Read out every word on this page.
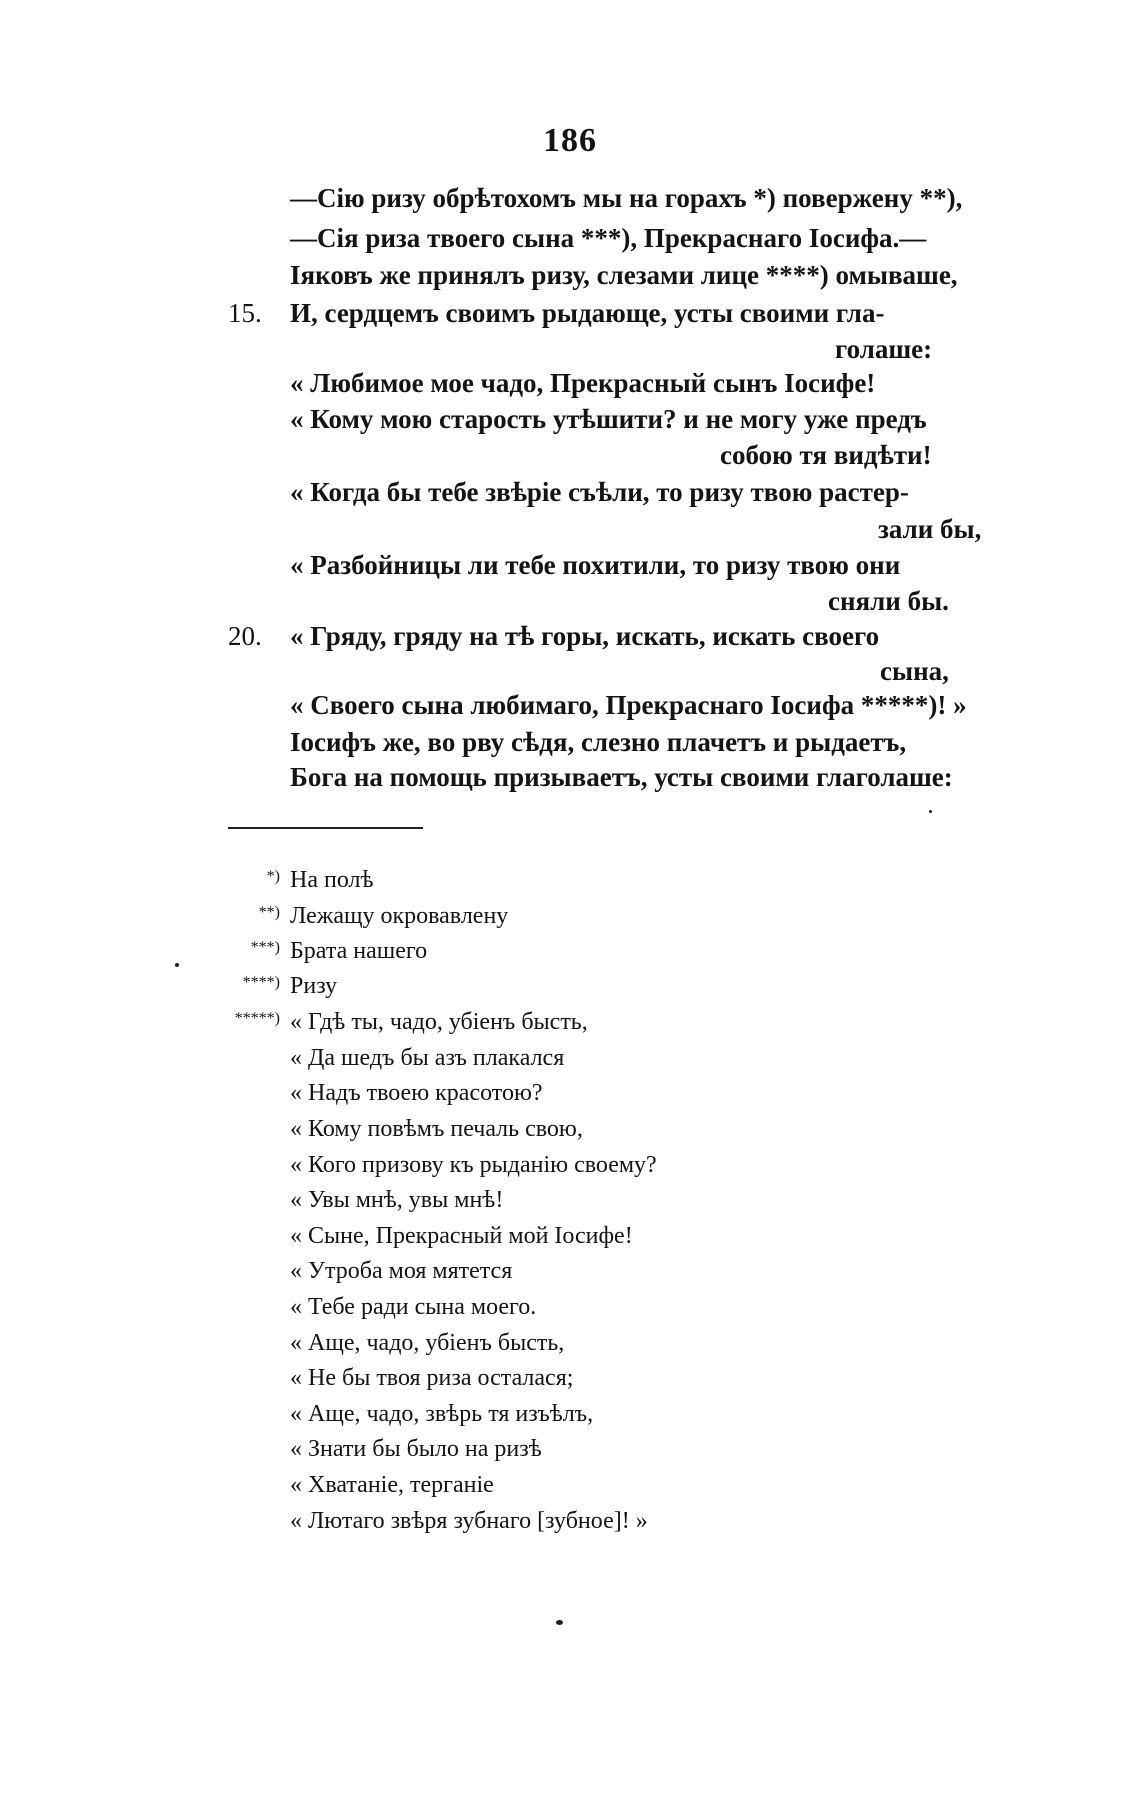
186
—Сію ризу обрѣтохомъ мы на горахъ *) повержену **),
—Сія риза твоего сына ***), Прекраснаго Іосифа.—
Іяковъ же принялъ ризу, слезами лице ****) омываше,
15. И, сердцемъ своимъ рыдающе, усты своими гла-
голаше:
« Любимое мое чадо, Прекрасный сынъ Іосифе!
« Кому мою старость утѣшити? и не могу уже предъ
собою тя видѣти!
« Когда бы тебе звѣріе съѣли, то ризу твою растер-
зали бы,
« Разбойницы ли тебе похитили, то ризу твою они
сняли бы.
20. « Гряду, гряду на тѣ горы, искать, искать своего
сына,
« Своего сына любимаго, Прекраснаго Іосифа *****)! »
Іосифъ же, во рву сѣдя, слезно плачетъ и рыдаетъ,
Бога на помощь призываетъ, усты своими глаголаше:
*) На полѣ
**) Лежащу окровавлену
***) Брата нашего
****) Ризу
*****) « Гдѣ ты, чадо, убіенъ бысть,
« Да шедъ бы азъ плакался
« Надъ твоею красотою?
« Кому повѣмъ печаль свою,
« Кого призову къ рыданію своему?
« Увы мнѣ, увы мнѣ!
« Сыне, Прекрасный мой Іосифе!
« Утроба моя мятется
« Тебе ради сына моего.
« Аще, чадо, убіенъ бысть,
« Не бы твоя риза осталася;
« Аще, чадо, звѣрь тя изъѣлъ,
« Знати бы было на ризѣ
« Хватаніе, терганіе
« Лютаго звѣря зубнаго [зубное]! »
